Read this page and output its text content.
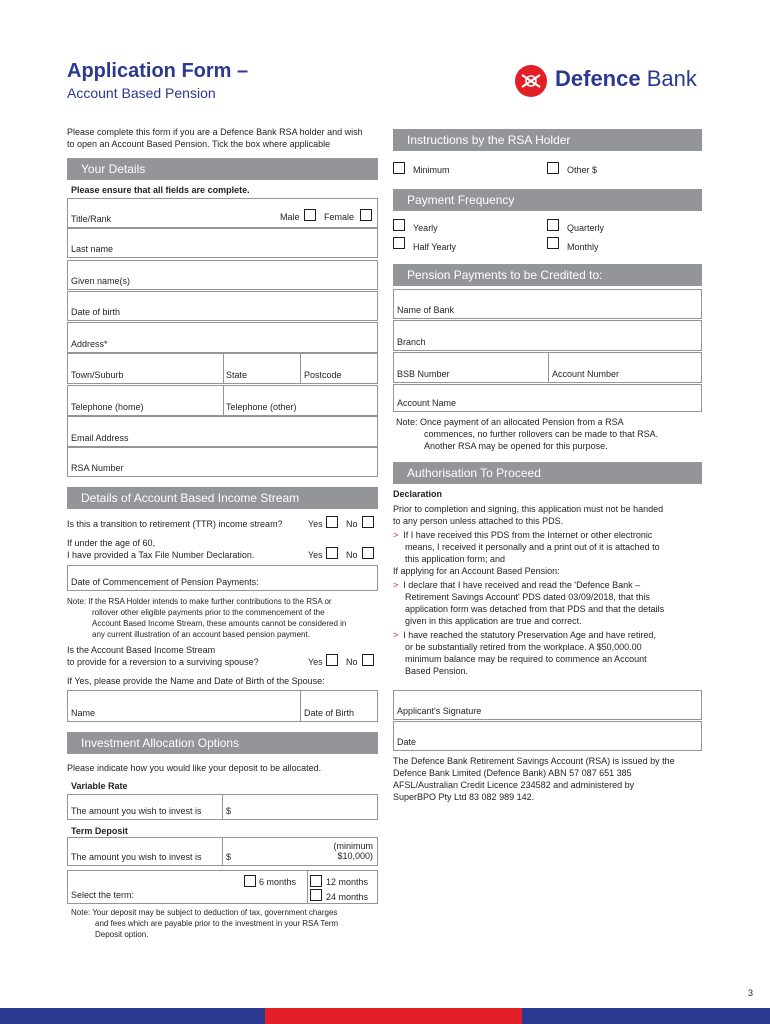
Application Form –
Account Based Pension
Defence Bank
Please complete this form if you are a Defence Bank RSA holder and wish
to open an Account Based Pension. Tick the box where applicable
Your Details
Please ensure that all fields are complete.
Title/Rank	Male	Female
Last name
Given name(s)
Date of birth
Address*
Town/Suburb	State	Postcode
Telephone (home)	Telephone (other)
Email Address
RSA Number
Details of Account Based Income Stream
Is this a transition to retirement (TTR) income stream?	Yes	No
If under the age of 60,
I have provided a Tax File Number Declaration.	Yes	No
Date of Commencement of Pension Payments:
Note: If the RSA Holder intends to make further contributions to the RSA or
rollover other eligible payments prior to the commencement of the
Account Based Income Stream, these amounts cannot be considered in
any current illustration of an account based pension payment.
Is the Account Based Income Stream
to provide for a reversion to a surviving spouse?	Yes	No
If Yes, please provide the Name and Date of Birth of the Spouse:
Name	Date of Birth
Investment Allocation Options
Please indicate how you would like your deposit to be allocated.
Variable Rate
The amount you wish to invest is	$
Term Deposit
The amount you wish to invest is	$
(minimum
$10,000)
Select the term:
6 months	12 months
24 months
Note: Your deposit may be subject to deduction of tax, government charges
and fees which are payable prior to the investment in your RSA Term
Deposit option.
Instructions by the RSA Holder
Minimum	Other $
Payment Frequency
Yearly	Quarterly
Half Yearly	Monthly
Pension Payments to be Credited to:
Name of Bank
Branch
BSB Number	Account Number
Account Name
Note: Once payment of an allocated Pension from a RSA
commences, no further rollovers can be made to that RSA.
Another RSA may be opened for this purpose.
Authorisation To Proceed
Declaration
Prior to completion and signing, this application must not be handed
to any person unless attached to this PDS.
> If I have received this PDS from the Internet or other electronic
means, I received it personally and a print out of it is attached to
this application form; and
If applying for an Account Based Pension:
> I declare that I have received and read the 'Defence Bank –
Retirement Savings Account' PDS dated 03/09/2018, that this
application form was detached from that PDS and that the details
given in this application are true and correct.
> I have reached the statutory Preservation Age and have retired,
or be substantially retired from the workplace. A $50,000.00
minimum balance may be required to commence an Account
Based Pension.
Applicant's Signature
Date
The Defence Bank Retirement Savings Account (RSA) is issued by the
Defence Bank Limited (Defence Bank) ABN 57 087 651 385
AFSL/Australian Credit Licence 234582 and administered by
SuperBPO Pty Ltd 83 082 989 142.
3
